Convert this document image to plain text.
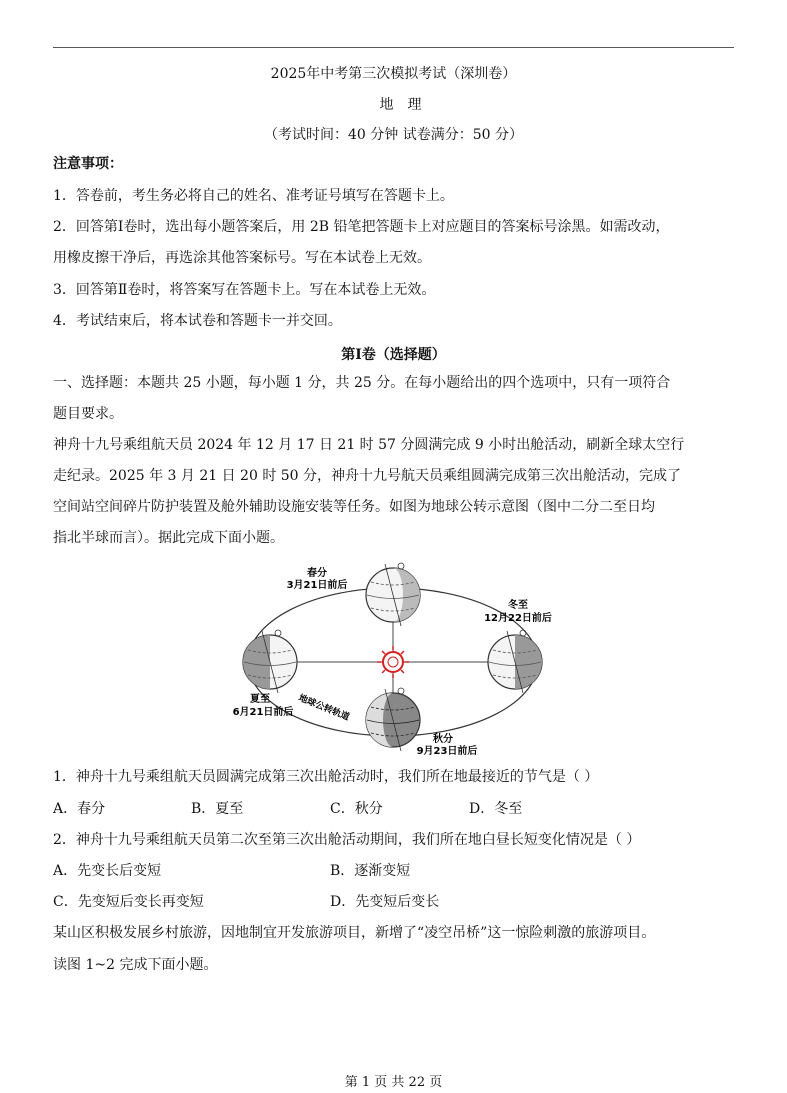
2025年中考第三次模拟考试（深圳卷）
地理
（考试时间：40 分钟 试卷满分：50 分）
注意事项：
1．答卷前，考生务必将自己的姓名、准考证号填写在答题卡上。
2．回答第Ⅰ卷时，选出每小题答案后，用 2B 铅笔把答题卡上对应题目的答案标号涂黑。如需改动，
用橡皮擦干净后，再选涂其他答案标号。写在本试卷上无效。
3．回答第Ⅱ卷时，将答案写在答题卡上。写在本试卷上无效。
4．考试结束后，将本试卷和答题卡一并交回。
第Ⅰ卷（选择题）
一、选择题：本题共 25 小题，每小题 1 分，共 25 分。在每小题给出的四个选项中，只有一项符合
题目要求。
神舟十九号乘组航天员 2024 年 12 月 17 日 21 时 57 分圆满完成 9 小时出舱活动，刷新全球太空行
走纪录。2025 年 3 月 21 日 20 时 50 分，神舟十九号航天员乘组圆满完成第三次出舱活动，完成了
空间站空间碎片防护装置及舱外辅助设施安装等任务。如图为地球公转示意图（图中二分二至日均
指北半球而言）。据此完成下面小题。
春分
3月21日前后
冬至
12月22日前后
夏至
6月21日前后
秋分
9月23日前后
地球公转轨道
1．神舟十九号乘组航天员圆满完成第三次出舱活动时，我们所在地最接近的节气是（ ）
A．春分	B．夏至	C．秋分	D．冬至
2．神舟十九号乘组航天员第二次至第三次出舱活动期间，我们所在地白昼长短变化情况是（ ）
A．先变长后变短	B．逐渐变短
C．先变短后变长再变短	D．先变短后变长
某山区积极发展乡村旅游，因地制宜开发旅游项目，新增了“凌空吊桥”这一惊险刺激的旅游项目。
读图 1~2 完成下面小题。
第 1 页 共 22 页
